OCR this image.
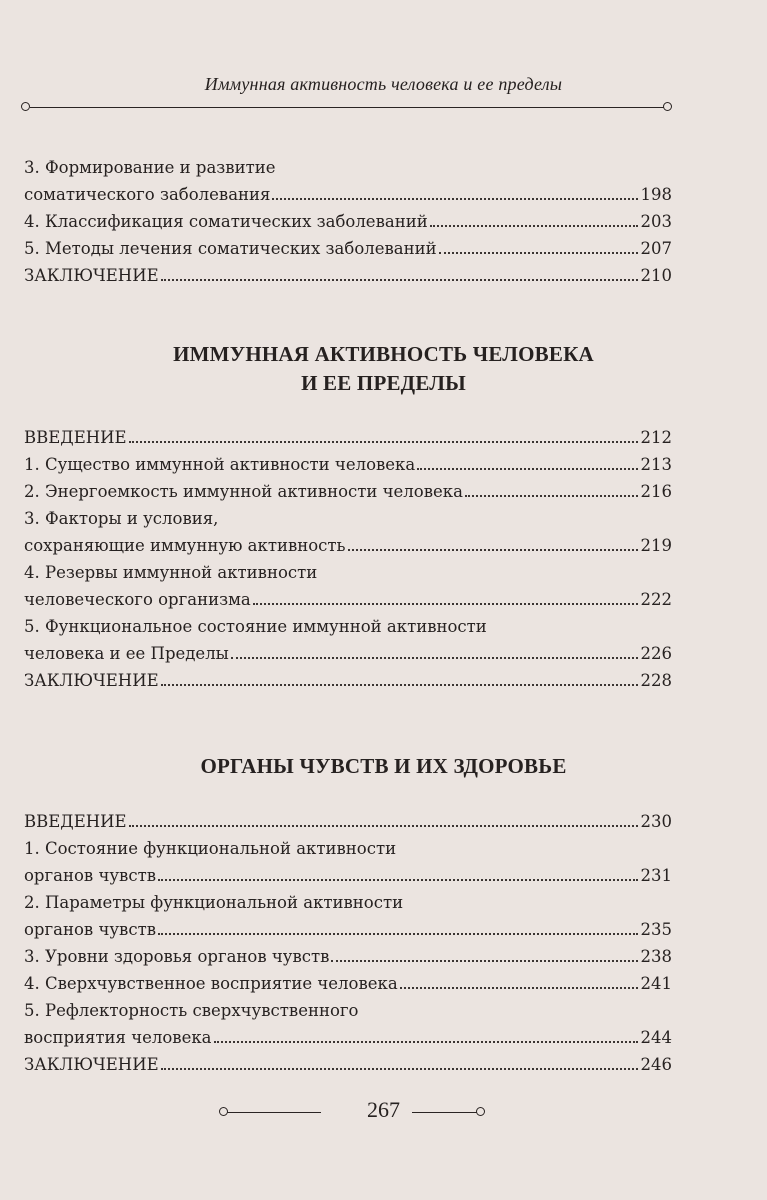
Иммунная активность человека и ее пределы
3. Формирование и развитие
соматического заболевания	198
4. Классификация соматических заболеваний	203
5. Методы лечения соматических заболеваний	207
ЗАКЛЮЧЕНИЕ	210
ИММУННАЯ АКТИВНОСТЬ ЧЕЛОВЕКА
И ЕЕ ПРЕДЕЛЫ
ВВЕДЕНИЕ	212
1. Существо иммунной активности человека	213
2. Энергоемкость иммунной активности человека	216
3. Факторы и условия,
сохраняющие иммунную активность	219
4. Резервы иммунной активности
человеческого организма	222
5. Функциональное состояние иммунной активности
человека и ее Пределы	226
ЗАКЛЮЧЕНИЕ	228
ОРГАНЫ ЧУВСТВ И ИХ ЗДОРОВЬЕ
ВВЕДЕНИЕ	230
1. Состояние функциональной активности
органов чувств	231
2. Параметры функциональной активности
органов чувств	235
3. Уровни здоровья органов чувств	238
4. Сверхчувственное восприятие человека	241
5. Рефлекторность сверхчувственного
восприятия человека	244
ЗАКЛЮЧЕНИЕ	246
267
